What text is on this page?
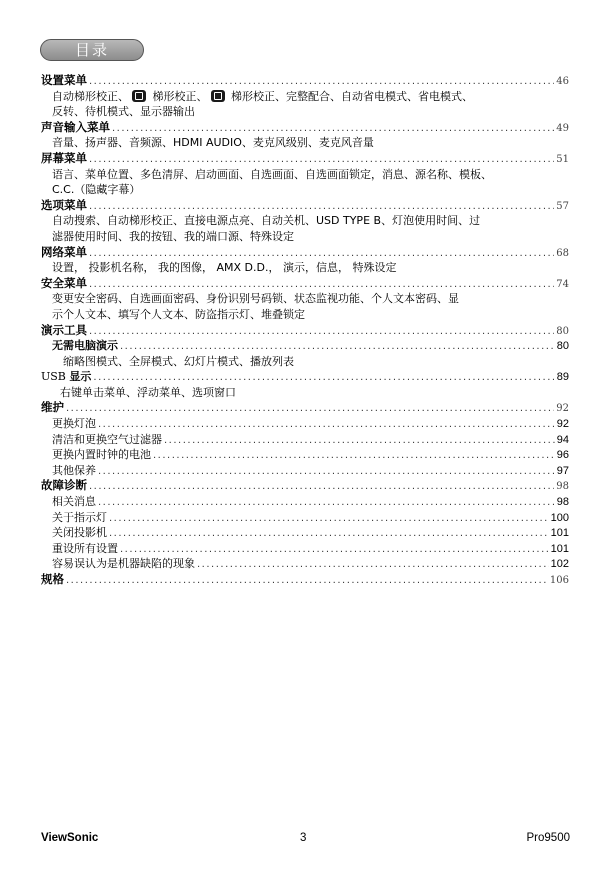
目录
设置菜单 .....	46
自动梯形校正、 梯形校正、 梯形校正、完整配合、自动省电模式、省电模式、
反转、待机模式、显示器输出
声音输入菜单 .....	49
音量、扬声器、音频源、HDMI AUDIO、麦克风级别、麦克风音量
屏幕菜单 .....	51
语言、菜单位置、多色清屏、启动画面、自选画面、自选画面锁定，消息、源名称、模板、
C.C.（隐藏字幕）
选项菜单 .....	57
自动搜索、自动梯形校正、直接电源点亮、自动关机、USD TYPE B、灯泡使用时间、过
滤器使用时间、我的按钮、我的端口源、特殊设定
网络菜单 .....	68
设置， 投影机名称， 我的图像， AMX D.D.， 演示，信息， 特殊设定
安全菜单 .....	74
变更安全密码、自选画面密码、身份识别号码锁、状态监视功能、个人文本密码、显
示个人文本、填写个人文本、防盗指示灯、堆叠锁定
演示工具 .....	80
无需电脑演示 .....	80
缩略图模式、全屏模式、幻灯片模式、播放列表
USB 显示 .....	89
右键单击菜单、浮动菜单、选项窗口
维护 .....	92
更换灯泡 .....	92
清洁和更换空气过滤器 .....	94
更换内置时钟的电池 .....	96
其他保养 .....	97
故障诊断 .....	98
相关消息 .....	98
关于指示灯 .....	100
关闭投影机 .....	101
重设所有设置 .....	101
容易误认为是机器缺陷的现象 .....	102
规格 .....	106
ViewSonic	3	Pro9500
